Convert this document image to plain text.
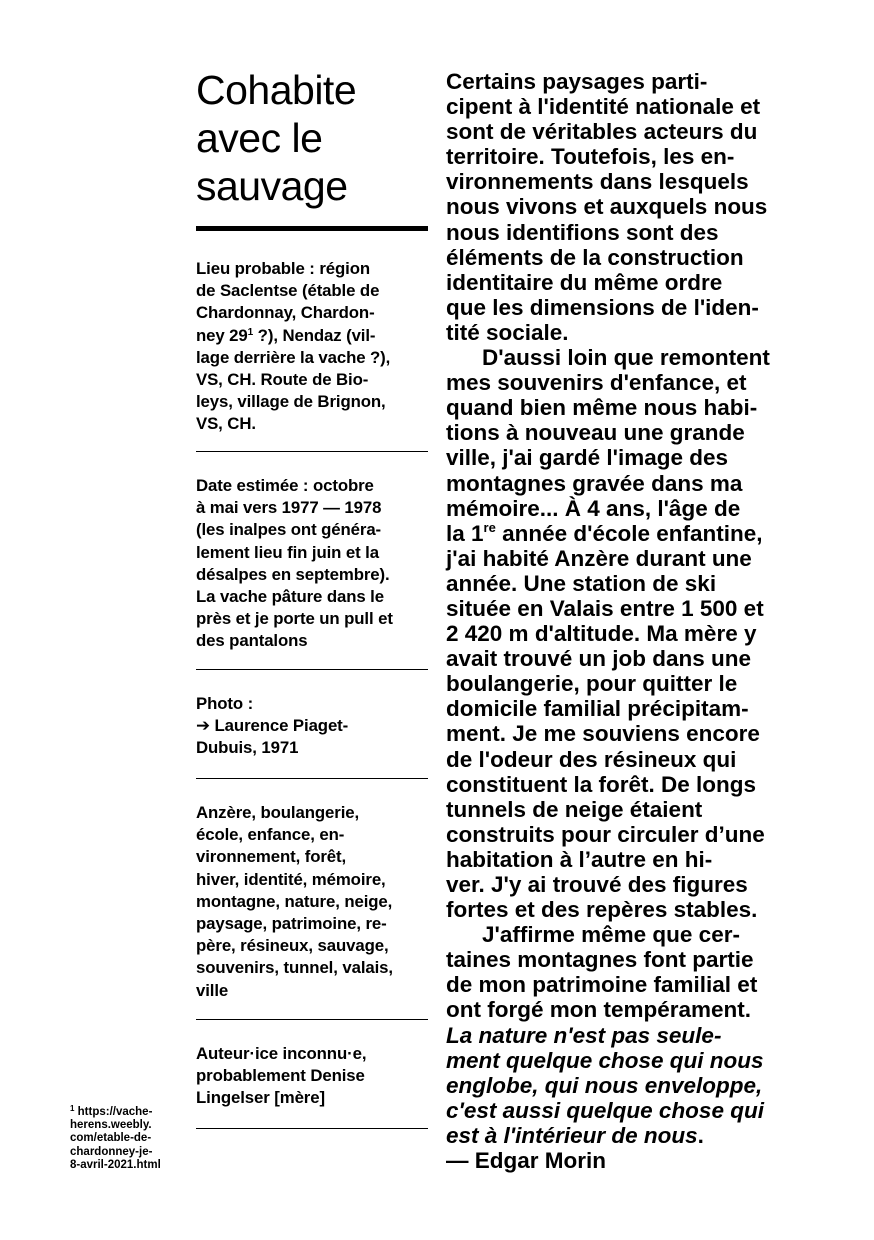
Cohabite
avec le
sauvage
Lieu probable : région
de Saclentse (étable de
Chardonnay, Chardon-
ney 29$^1$ ?), Nendaz (vil-
lage derrière la vache ?),
VS, CH. Route de Bio-
leys, village de Brignon,
VS, CH.
Date estimée : octobre
à mai vers 1977 — 1978
(les inalpes ont généra-
lement lieu fin juin et la
désalpes en septembre).
La vache pâture dans le
près et je porte un pull et
des pantalons
Photo :
➔ Laurence Piaget-
Dubuis, 1971
Anzère, boulangerie,
école, enfance, en-
vironnement, forêt,
hiver, identité, mémoire,
montagne, nature, neige,
paysage, patrimoine, re-
père, résineux, sauvage,
souvenirs, tunnel, valais,
ville
Auteur·ice inconnu·e,
probablement Denise
Lingelser [mère]
$^1$ https://vache-
herens.weebly.
com/etable-de-
chardonney-je-
8-avril-2021.html
Certains paysages parti-
cipent à l'identité nationale et
sont de véritables acteurs du
territoire. Toutefois, les en-
vironnements dans lesquels
nous vivons et auxquels nous
nous identifions sont des
éléments de la construction
identitaire du même ordre
que les dimensions de l'iden-
tité sociale.
D'aussi loin que remontent
mes souvenirs d'enfance, et
quand bien même nous habi-
tions à nouveau une grande
ville, j'ai gardé l'image des
montagnes gravée dans ma
mémoire... À 4 ans, l'âge de
la 1re année d'école enfantine,
j'ai habité Anzère durant une
année. Une station de ski
située en Valais entre 1 500 et
2 420 m d'altitude. Ma mère y
avait trouvé un job dans une
boulangerie, pour quitter le
domicile familial précipitam-
ment. Je me souviens encore
de l'odeur des résineux qui
constituent la forêt. De longs
tunnels de neige étaient
construits pour circuler d’une
habitation à l’autre en hi-
ver. J'y ai trouvé des figures
fortes et des repères stables.
J'affirme même que cer-
taines montagnes font partie
de mon patrimoine familial et
ont forgé mon tempérament.
La nature n'est pas seule-
ment quelque chose qui nous
englobe, qui nous enveloppe,
c'est aussi quelque chose qui
est à l'intérieur de nous.
— Edgar Morin
